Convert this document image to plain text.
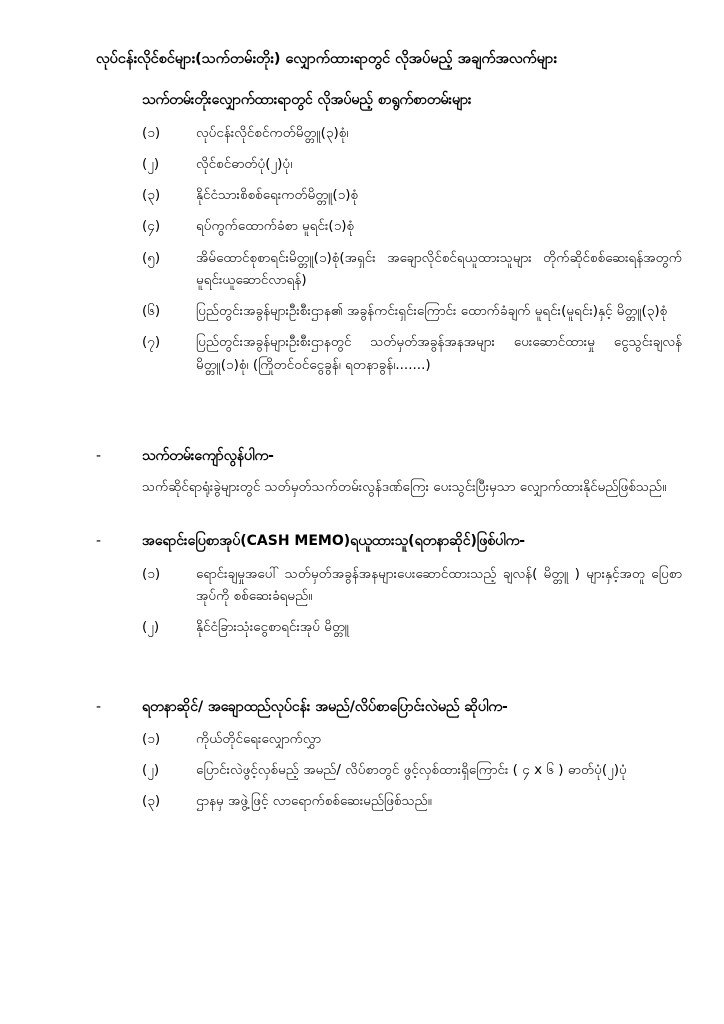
လုပ်ငန်းလိုင်စင်များ(သက်တမ်းတိုး) လျှောက်ထားရာတွင် လိုအပ်မည့် အချက်အလက်များ
သက်တမ်းတိုးလျှောက်ထားရာတွင် လိုအပ်မည့် စာရွက်စာတမ်းများ
(၁)	လုပ်ငန်းလိုင်စင်ကတ်မိတ္တူ(၃)စုံ၊
(၂)	လိုင်စင်ဓာတ်ပုံ(၂)ပုံ၊
(၃)	နိုင်ငံသားစိစစ်ရေးကတ်မိတ္တူ(၁)စုံ
(၄)	ရပ်ကွက်ထောက်ခံစာ မူရင်း(၁)စုံ
(၅)	အိမ်ထောင်စုစာရင်းမိတ္တူ(၁)စုံ(အရှင်း အချောလိုင်စင်ရယူထားသူများ တိုက်ဆိုင်စစ်ဆေးရန်အတွက် မူရင်းယူဆောင်လာရန်)
(၆)	ပြည်တွင်းအခွန်များဦးစီးဌာန၏ အခွန်ကင်းရှင်းကြောင်း ထောက်ခံချက် မူရင်း(မူရင်း)နှင့် မိတ္တူ(၃)စုံ
(၇)	ပြည်တွင်းအခွန်များဦးစီးဌာနတွင် သတ်မှတ်အခွန်အနအများ ပေးဆောင်ထားမှု ငွေသွင်းချလန် မိတ္တူ(၁)စုံ၊ (ကြိုတင်ဝင်ငွေခွန်၊ ရတနာခွန်၊.......)
-	သက်တမ်းကျော်လွန်ပါက-

သက်ဆိုင်ရာရုံးခွဲများတွင် သတ်မှတ်သက်တမ်းလွန်ဒဏ်ကြေး ပေးသွင်းပြီးမှသာ လျှောက်ထားနိုင်မည်ဖြစ်သည်။

-	အရောင်းပြေစာအုပ်(CASH MEMO)ရယူထားသူ(ရတနာဆိုင်)ဖြစ်ပါက-
(၁)	ရောင်းချမှုအပေါ် သတ်မှတ်အခွန်အနများပေးဆောင်ထားသည့် ချလန်( မိတ္တူ ) များနှင့်အတူ ပြေစာအုပ်ကို စစ်ဆေးခံရမည်။
(၂)	နိုင်ငံခြားသုံးငွေစာရင်းအုပ် မိတ္တူ
-	ရတနာဆိုင်/ အချောထည်လုပ်ငန်း အမည်/လိပ်စာပြောင်းလဲမည် ဆိုပါက-
(၁)	ကိုယ်တိုင်ရေးလျှောက်လွှာ
(၂)	ပြောင်းလဲဖွင့်လှစ်မည့် အမည်/ လိပ်စာတွင် ဖွင့်လှစ်ထားရှိကြောင်း ( ၄ x ၆ ) ဓာတ်ပုံ(၂)ပုံ
(၃)	ဌာနမှ အဖွဲ့ဖြင့် လာရောက်စစ်ဆေးမည်ဖြစ်သည်။
